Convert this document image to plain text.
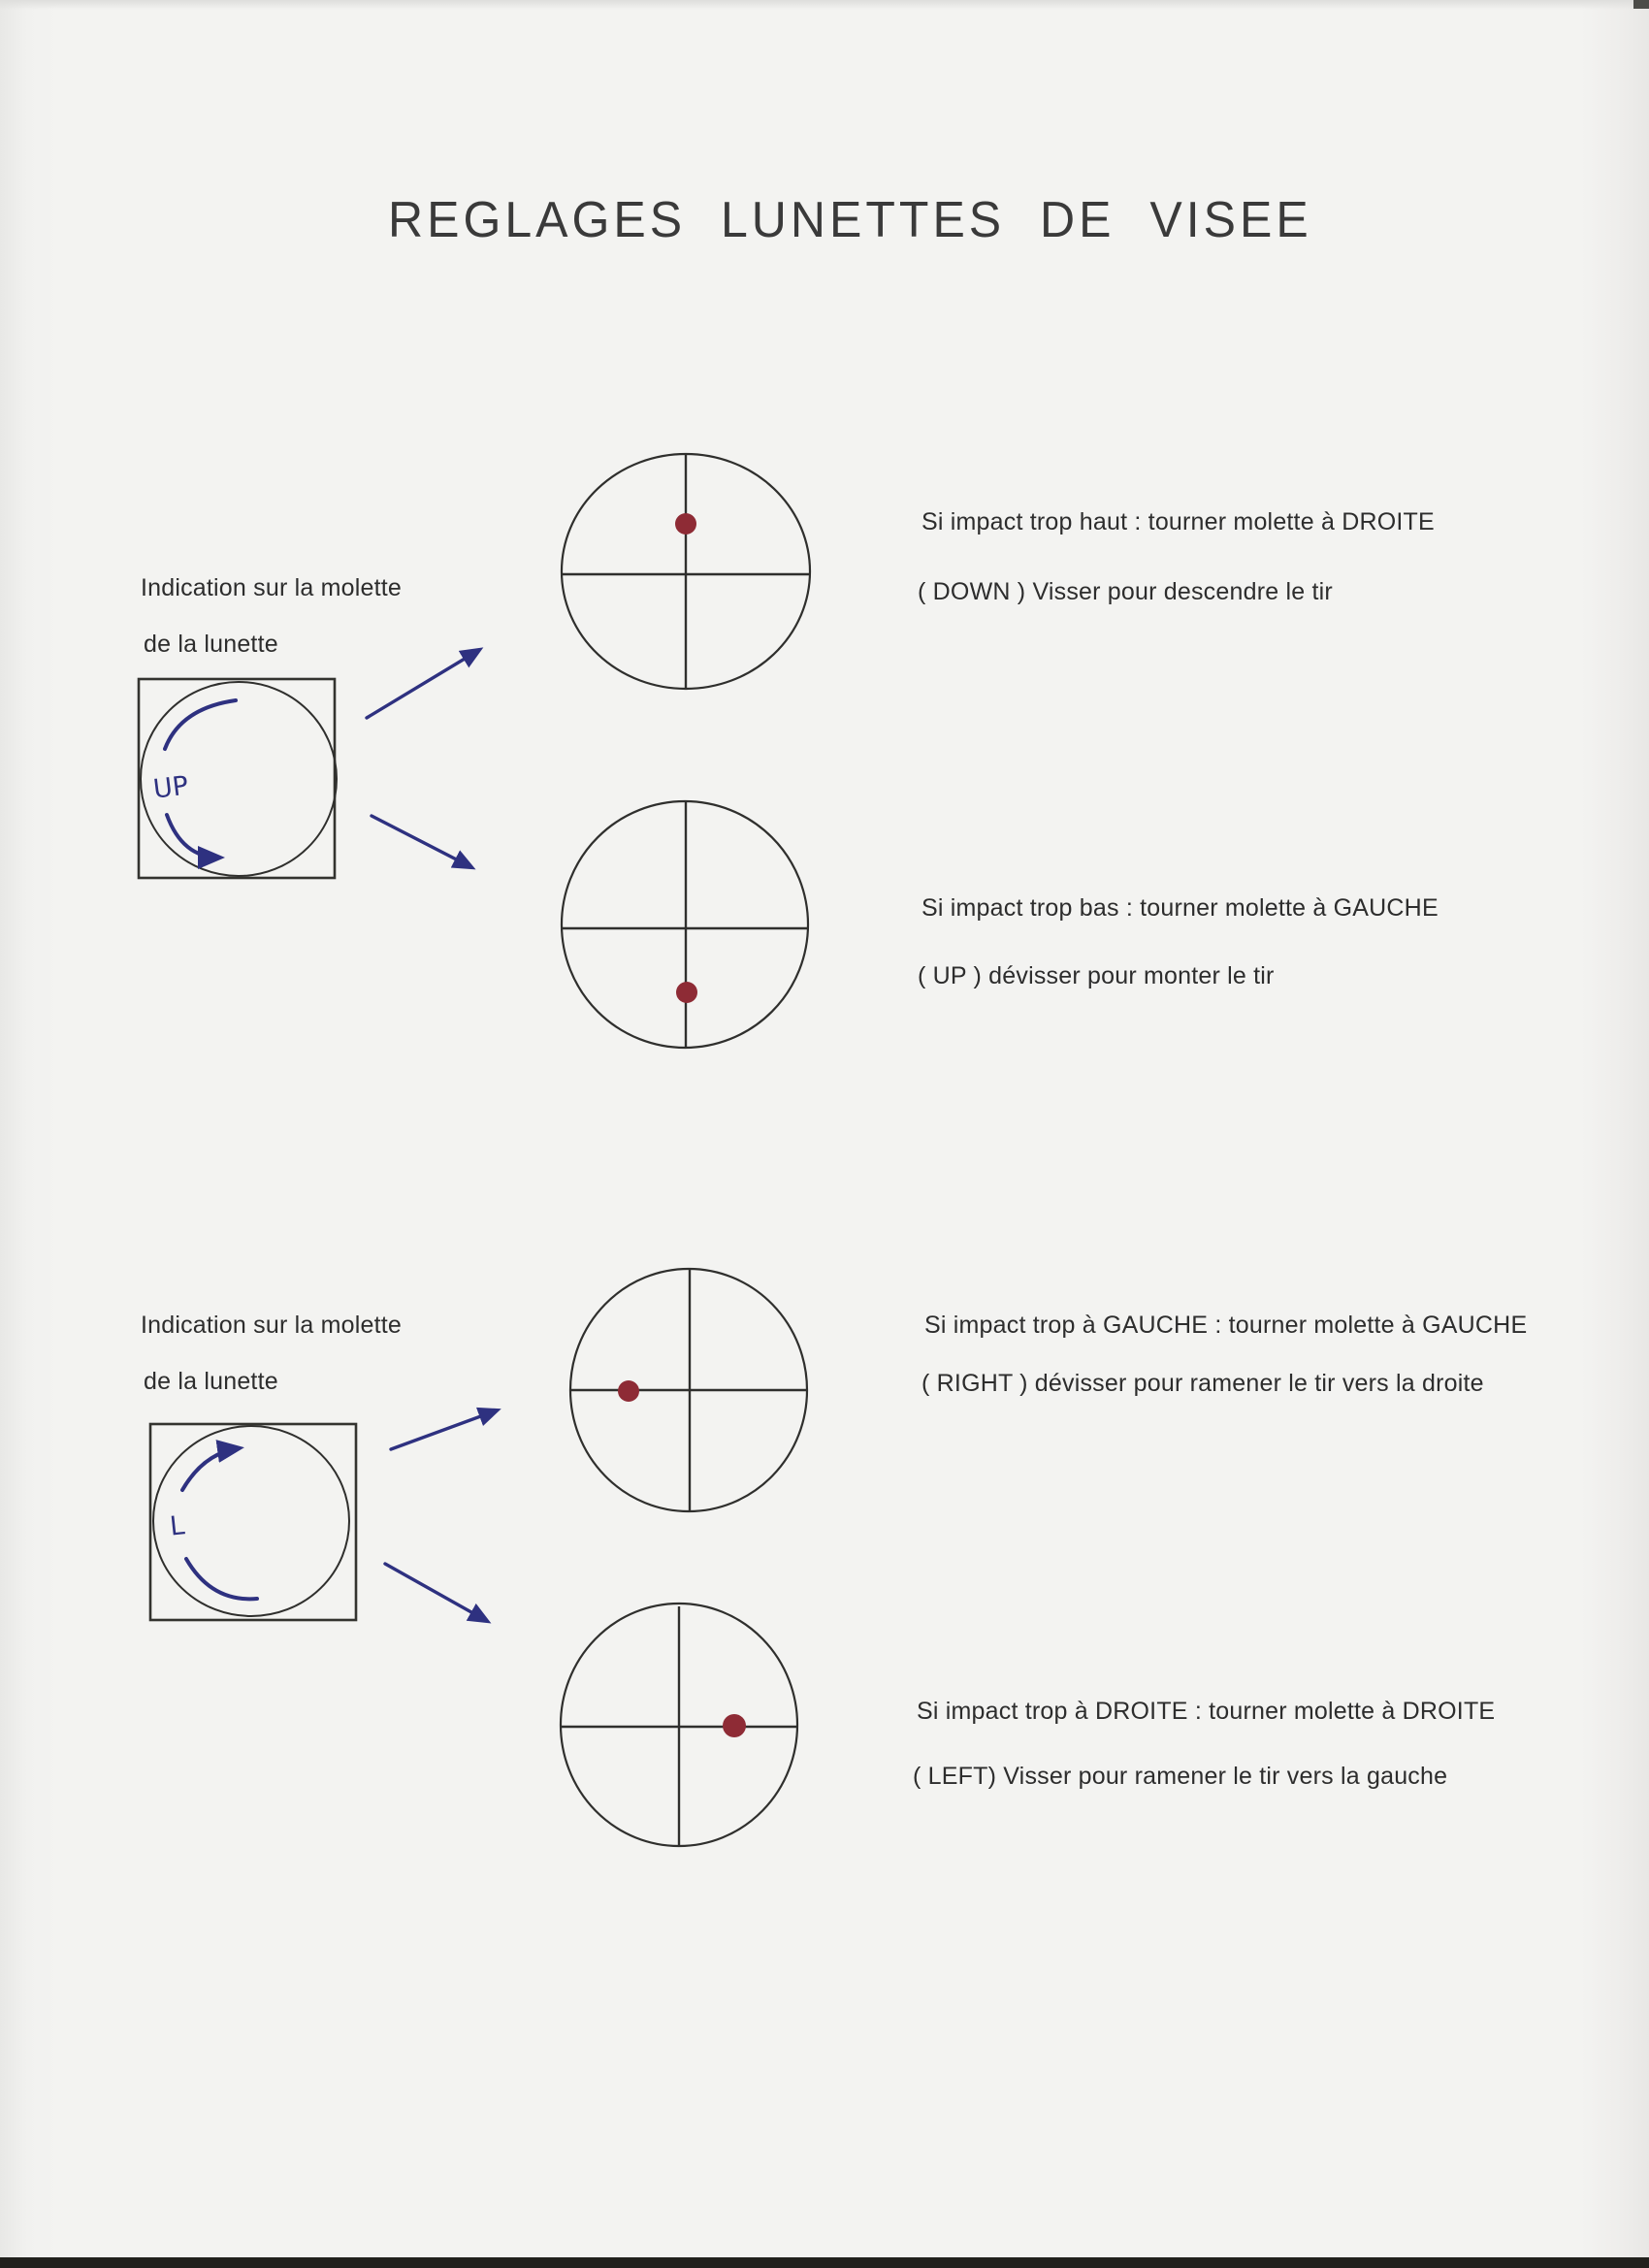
UP
L
REGLAGES LUNETTES DE VISEE
Indication sur la molette
de la lunette
Si impact trop haut : tourner molette à DROITE
( DOWN ) Visser pour descendre le tir
Si impact trop bas : tourner molette à GAUCHE
( UP ) dévisser pour monter le tir
Indication sur la molette
de la lunette
Si impact trop à GAUCHE : tourner molette à GAUCHE
( RIGHT ) dévisser pour ramener le tir vers la droite
Si impact trop à DROITE : tourner molette à DROITE
( LEFT) Visser pour ramener le tir vers la gauche
